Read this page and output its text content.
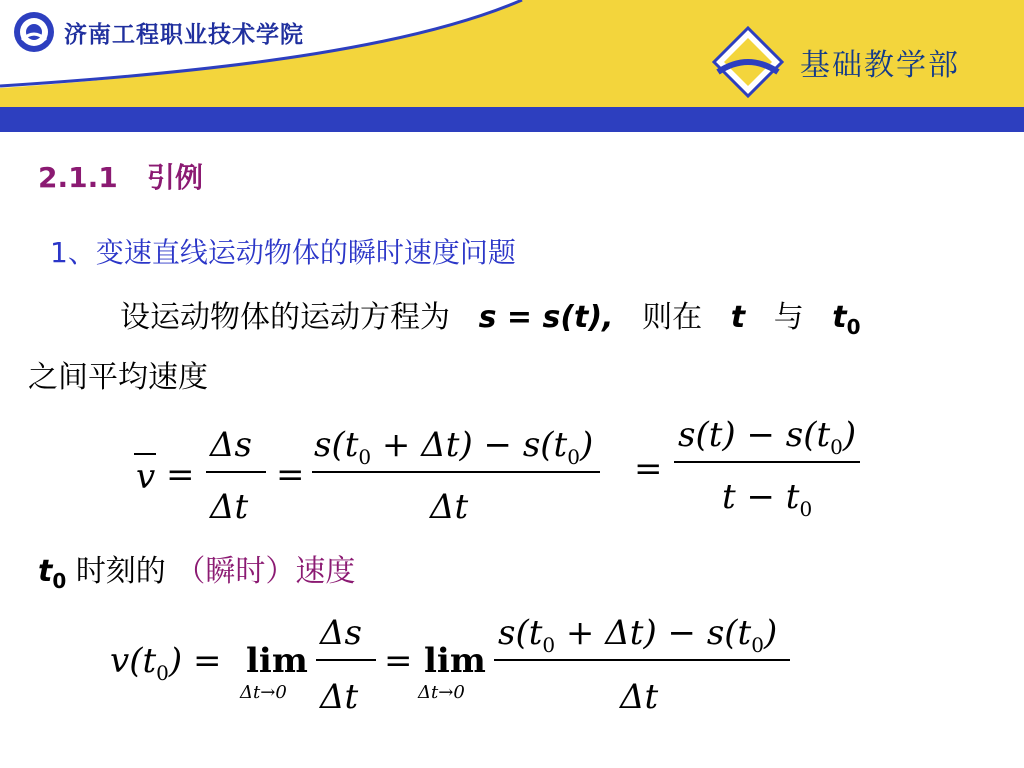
济南工程职业技术学院
基础教学部
2.1.1 引例
1、变速直线运动物体的瞬时速度问题
设运动物体的运动方程为 s = s(t), 则在 t 与 $t_0$
之间平均速度
v =
Δs
Δt
=
$s(t_0 + \Delta t) - s(t_0)$
Δt
=
$s(t) - s(t_0)$
$t - t_0$
$t_0$ 时刻的 （瞬时）速度
$v(t_0) = \lim$
Δt→0
Δs
Δt
= lim
Δt→0
$s(t_0 + \Delta t) - s(t_0)$
Δt
